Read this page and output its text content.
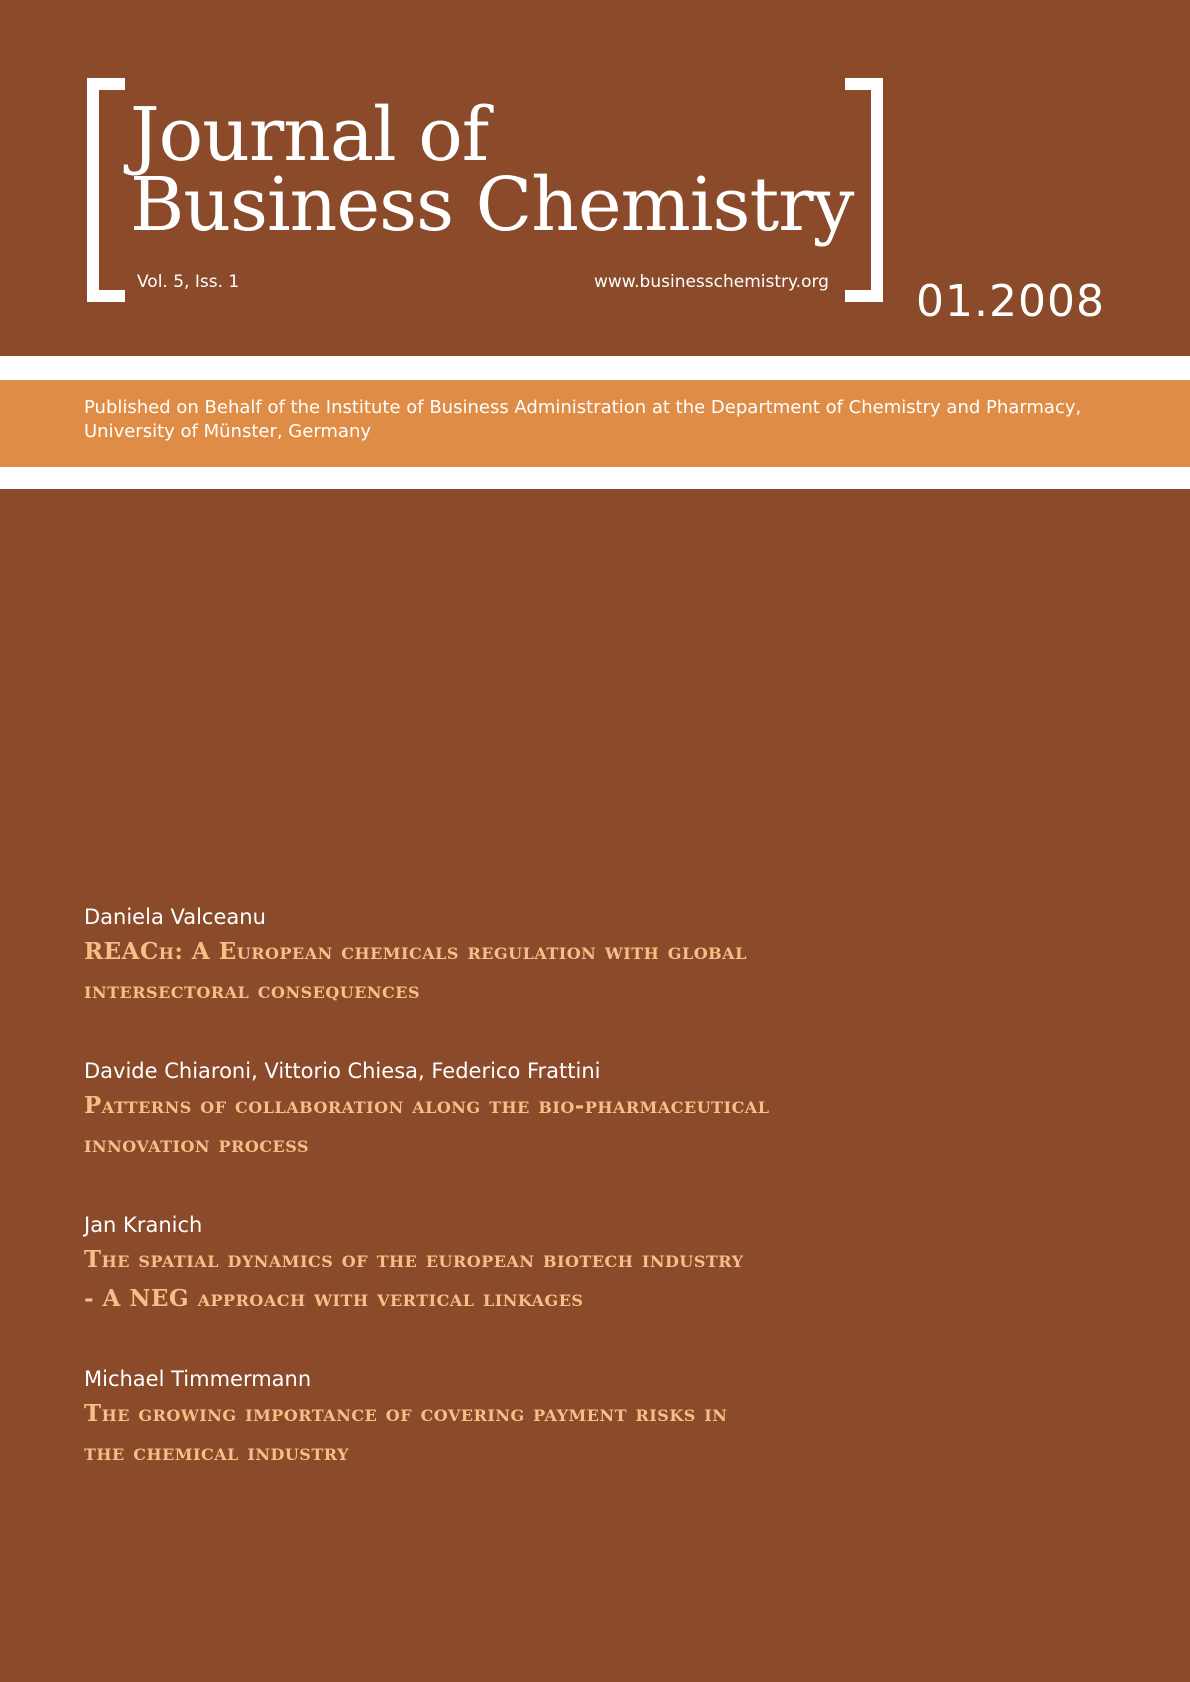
Journal of
Business Chemistry
Vol. 5, Iss. 1	www.businesschemistry.org 01.2008

Published on Behalf of the Institute of Business Administration at the Department of Chemistry and Pharmacy, University of Münster, Germany

Daniela Valceanu

REACh: A European chemicals regulation with global
intersectoral consequences

Davide Chiaroni, Vittorio Chiesa, Federico Frattini

Patterns of collaboration along the bio-pharmaceutical
innovation process

Jan Kranich

The spatial dynamics of the european biotech industry
- A NEG approach with vertical linkages

Michael Timmermann

The growing importance of covering payment risks in
the chemical industry
